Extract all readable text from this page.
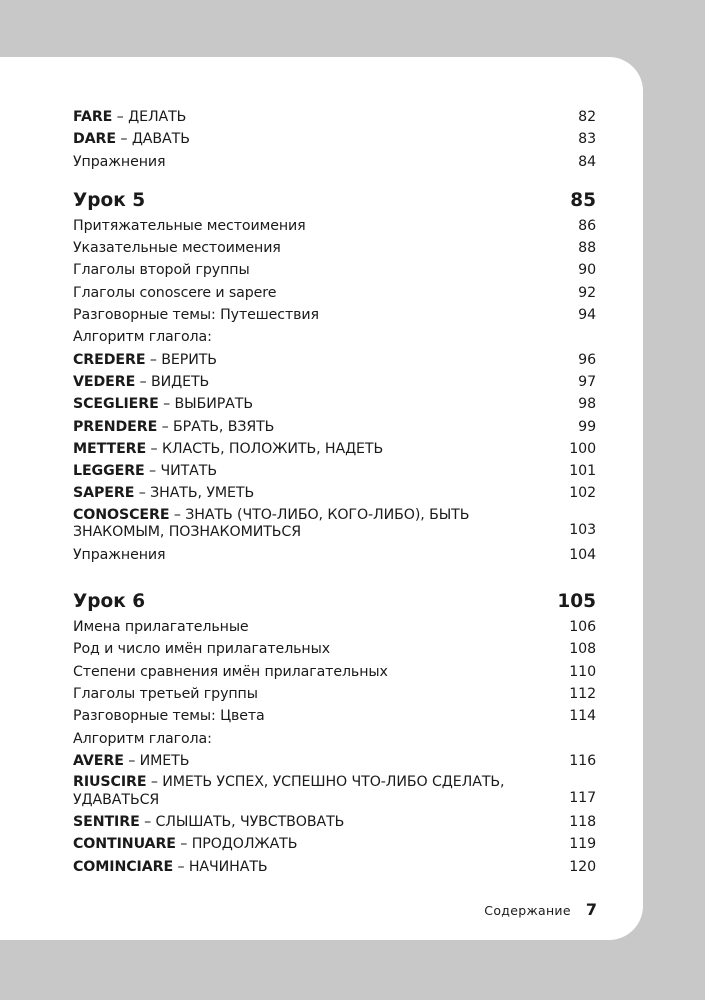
FARE – ДЕЛАТЬ	82
DARE – ДАВАТЬ	83
Упражнения	84
Урок 5	85
Притяжательные местоимения	86
Указательные местоимения	88
Глаголы второй группы	90
Глаголы conoscere и sapere	92
Разговорные темы: Путешествия	94
Алгоритм глагола:
CREDERE – ВЕРИТЬ	96
VEDERE – ВИДЕТЬ	97
SCEGLIERE – ВЫБИРАТЬ	98
PRENDERE – БРАТЬ, ВЗЯТЬ	99
METTERE – КЛАСТЬ, ПОЛОЖИТЬ, НАДЕТЬ	100
LEGGERE – ЧИТАТЬ	101
SAPERE – ЗНАТЬ, УМЕТЬ	102
CONOSCERE – ЗНАТЬ (ЧТО-ЛИБО, КОГО-ЛИБО), БЫТЬ ЗНАКОМЫМ, ПОЗНАКОМИТЬСЯ	103
Упражнения	104
Урок 6	105
Имена прилагательные	106
Род и число имён прилагательных	108
Степени сравнения имён прилагательных	110
Глаголы третьей группы	112
Разговорные темы: Цвета	114
Алгоритм глагола:
AVERE – ИМЕТЬ	116
RIUSCIRE – ИМЕТЬ УСПЕХ, УСПЕШНО ЧТО-ЛИБО СДЕЛАТЬ, УДАВАТЬСЯ	117
SENTIRE – СЛЫШАТЬ, ЧУВСТВОВАТЬ	118
CONTINUARE – ПРОДОЛЖАТЬ	119
COMINCIARE – НАЧИНАТЬ	120
Содержание 7
